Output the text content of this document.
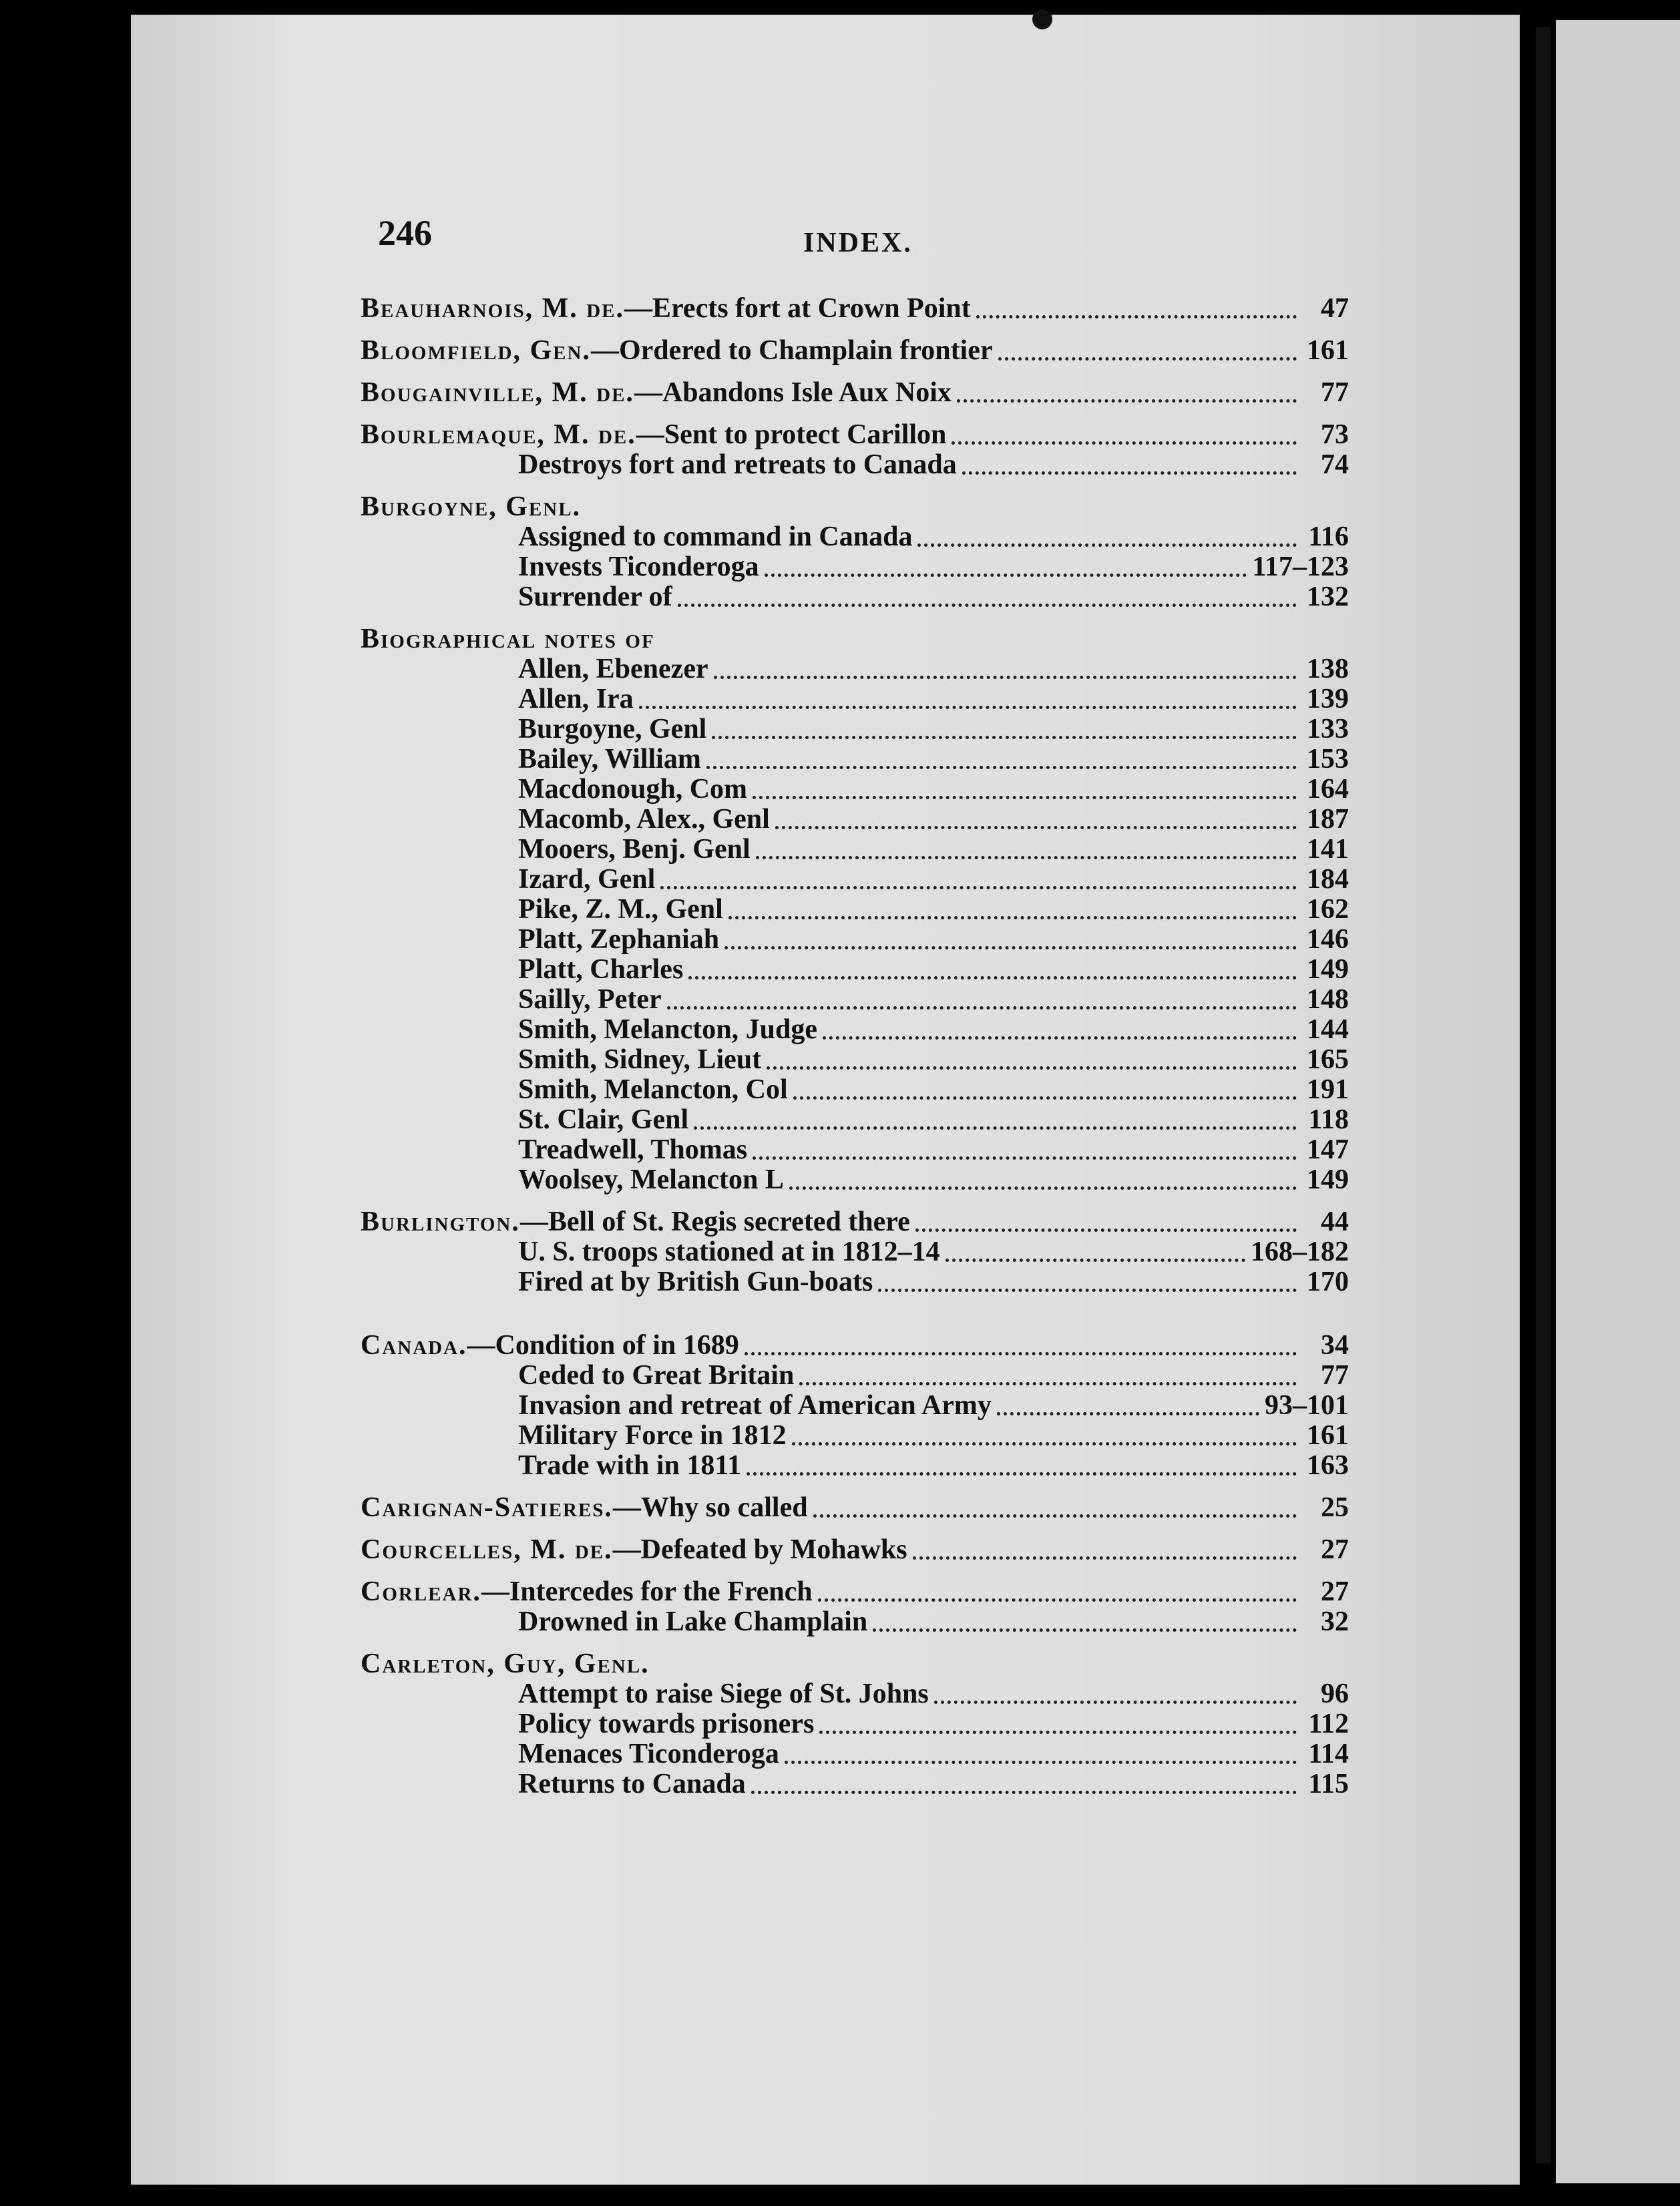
246	INDEX.
Beauharnois, M. de. —Erects fort at Crown Point	47
Bloomfield, Gen. —Ordered to Champlain frontier	161
Bougainville, M. de. —Abandons Isle Aux Noix	77
Bourlemaque, M. de. —Sent to protect Carillon	73
Destroys fort and retreats to Canada	74
Burgoyne, Genl.
Assigned to command in Canada	116
Invests Ticonderoga	117–123
Surrender of	132
Biographical notes of
Allen, Ebenezer	138
Allen, Ira	139
Burgoyne, Genl	133
Bailey, William	153
Macdonough, Com	164
Macomb, Alex., Genl	187
Mooers, Benj. Genl	141
Izard, Genl	184
Pike, Z. M., Genl	162
Platt, Zephaniah	146
Platt, Charles	149
Sailly, Peter	148
Smith, Melancton, Judge	144
Smith, Sidney, Lieut	165
Smith, Melancton, Col	191
St. Clair, Genl	118
Treadwell, Thomas	147
Woolsey, Melancton L	149
Burlington. —Bell of St. Regis secreted there	44
U. S. troops stationed at in 1812–14	168–182
Fired at by British Gun-boats	170
Canada. —Condition of in 1689	34
Ceded to Great Britain	77
Invasion and retreat of American Army	93–101
Military Force in 1812	161
Trade with in 1811	163
Carignan-Satieres. —Why so called	25
Courcelles, M. de. —Defeated by Mohawks	27
Corlear. —Intercedes for the French	27
Drowned in Lake Champlain	32
Carleton, Guy, Genl.
Attempt to raise Siege of St. Johns	96
Policy towards prisoners	112
Menaces Ticonderoga	114
Returns to Canada	115
